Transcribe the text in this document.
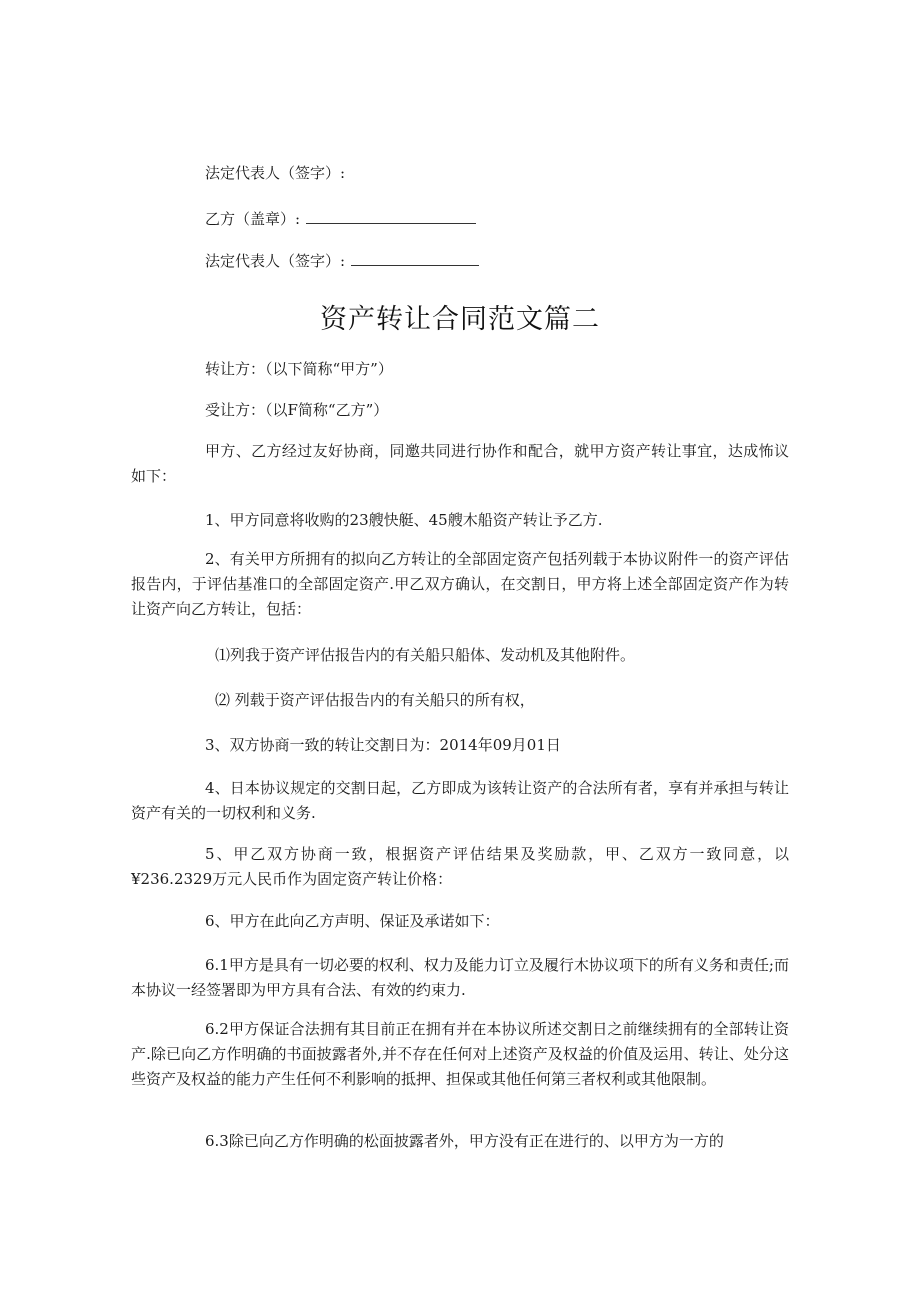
法定代表人（签字）:
乙方（盖章）:
法定代表人（签字）:
资产转让合同范文篇二
转让方：（以下简称“甲方”）
受让方：（以F简称“乙方”）
甲方、乙方经过友好协商，同邀共同进行协作和配合，就甲方资产转让事宜，达成怖议如下：
1、甲方同意将收购的23艘快艇、45艘木船资产转让予乙方.
2、有关甲方所拥有的拟向乙方转让的全部固定资产包括列载于本协议附件一的资产评估报告内，于评估基准口的全部固定资产.甲乙双方确认，在交割日，甲方将上述全部固定资产作为转让资产向乙方转让，包括：
⑴列我于资产评估报告内的有关船只船体、发动机及其他附件。
⑵ 列载于资产评估报告内的有关船只的所有权，
3、双方协商一致的转让交割日为：2014年09月01日
4、日本协议规定的交割日起，乙方即成为该转让资产的合法所有者，享有并承担与转让资产有关的一切权利和义务.
5、甲乙双方协商一致，根据资产评估结果及奖励款，甲、乙双方一致同意，以¥236.2329万元人民币作为固定资产转让价格：
6、甲方在此向乙方声明、保证及承诺如下：
6.1甲方是具有一切必要的权利、权力及能力订立及履行木协议项下的所有义务和责任;而本协议一经签署即为甲方具有合法、有效的约束力.
6.2甲方保证合法拥有其目前正在拥有并在本协议所述交割日之前继续拥有的全部转让资产.除已向乙方作明确的书面披露者外,并不存在任何对上述资产及权益的价值及运用、转让、处分这些资产及权益的能力产生任何不利影响的抵押、担保或其他任何第三者权利或其他限制。
6.3除已向乙方作明确的松面披露者外，甲方没有正在进行的、以甲方为一方的
